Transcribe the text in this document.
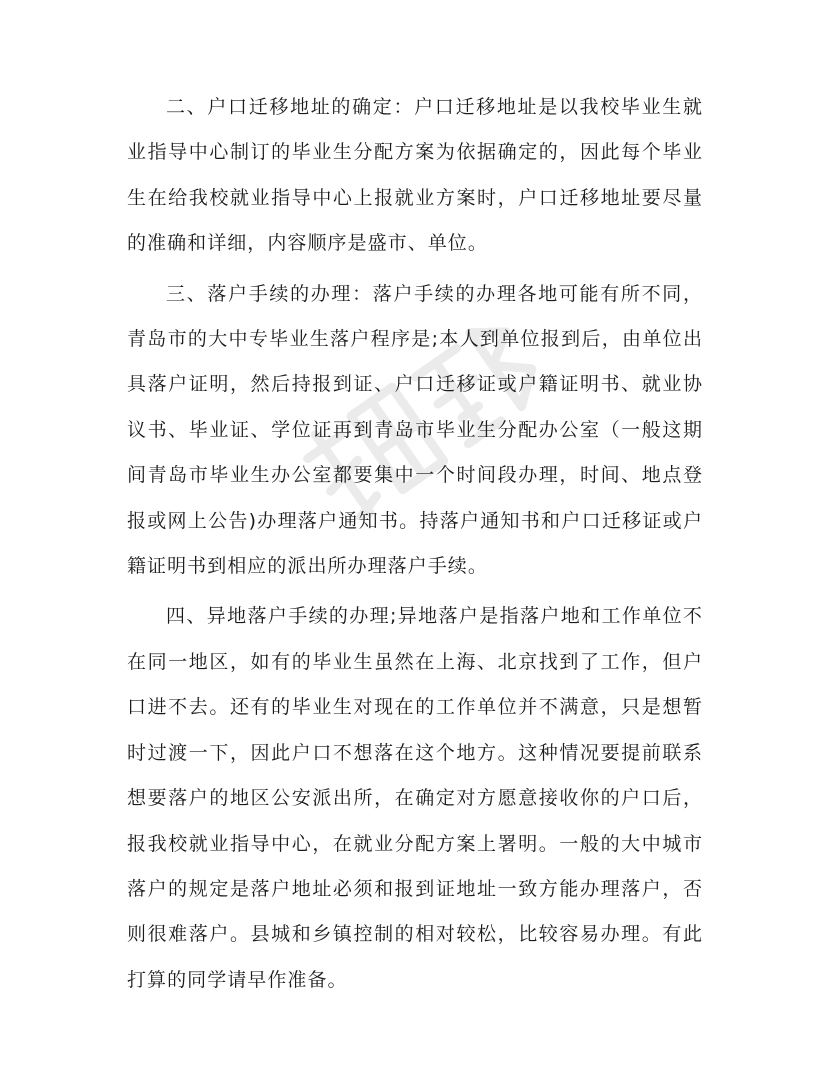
二、户口迁移地址的确定：户口迁移地址是以我校毕业生就业指导中心制订的毕业生分配方案为依据确定的，因此每个毕业生在给我校就业指导中心上报就业方案时，户口迁移地址要尽量的准确和详细，内容顺序是盛市、单位。

三、落户手续的办理：落户手续的办理各地可能有所不同，青岛市的大中专毕业生落户程序是;本人到单位报到后，由单位出具落户证明，然后持报到证、户口迁移证或户籍证明书、就业协议书、毕业证、学位证再到青岛市毕业生分配办公室（一般这期间青岛市毕业生办公室都要集中一个时间段办理，时间、地点登报或网上公告)办理落户通知书。持落户通知书和户口迁移证或户籍证明书到相应的派出所办理落户手续。

四、异地落户手续的办理;异地落户是指落户地和工作单位不在同一地区，如有的毕业生虽然在上海、北京找到了工作，但户口进不去。还有的毕业生对现在的工作单位并不满意，只是想暂时过渡一下，因此户口不想落在这个地方。这种情况要提前联系想要落户的地区公安派出所，在确定对方愿意接收你的户口后，报我校就业指导中心，在就业分配方案上署明。一般的大中城市落户的规定是落户地址必须和报到证地址一致方能办理落户，否则很难落户。县城和乡镇控制的相对较松，比较容易办理。有此打算的同学请早作准备。
